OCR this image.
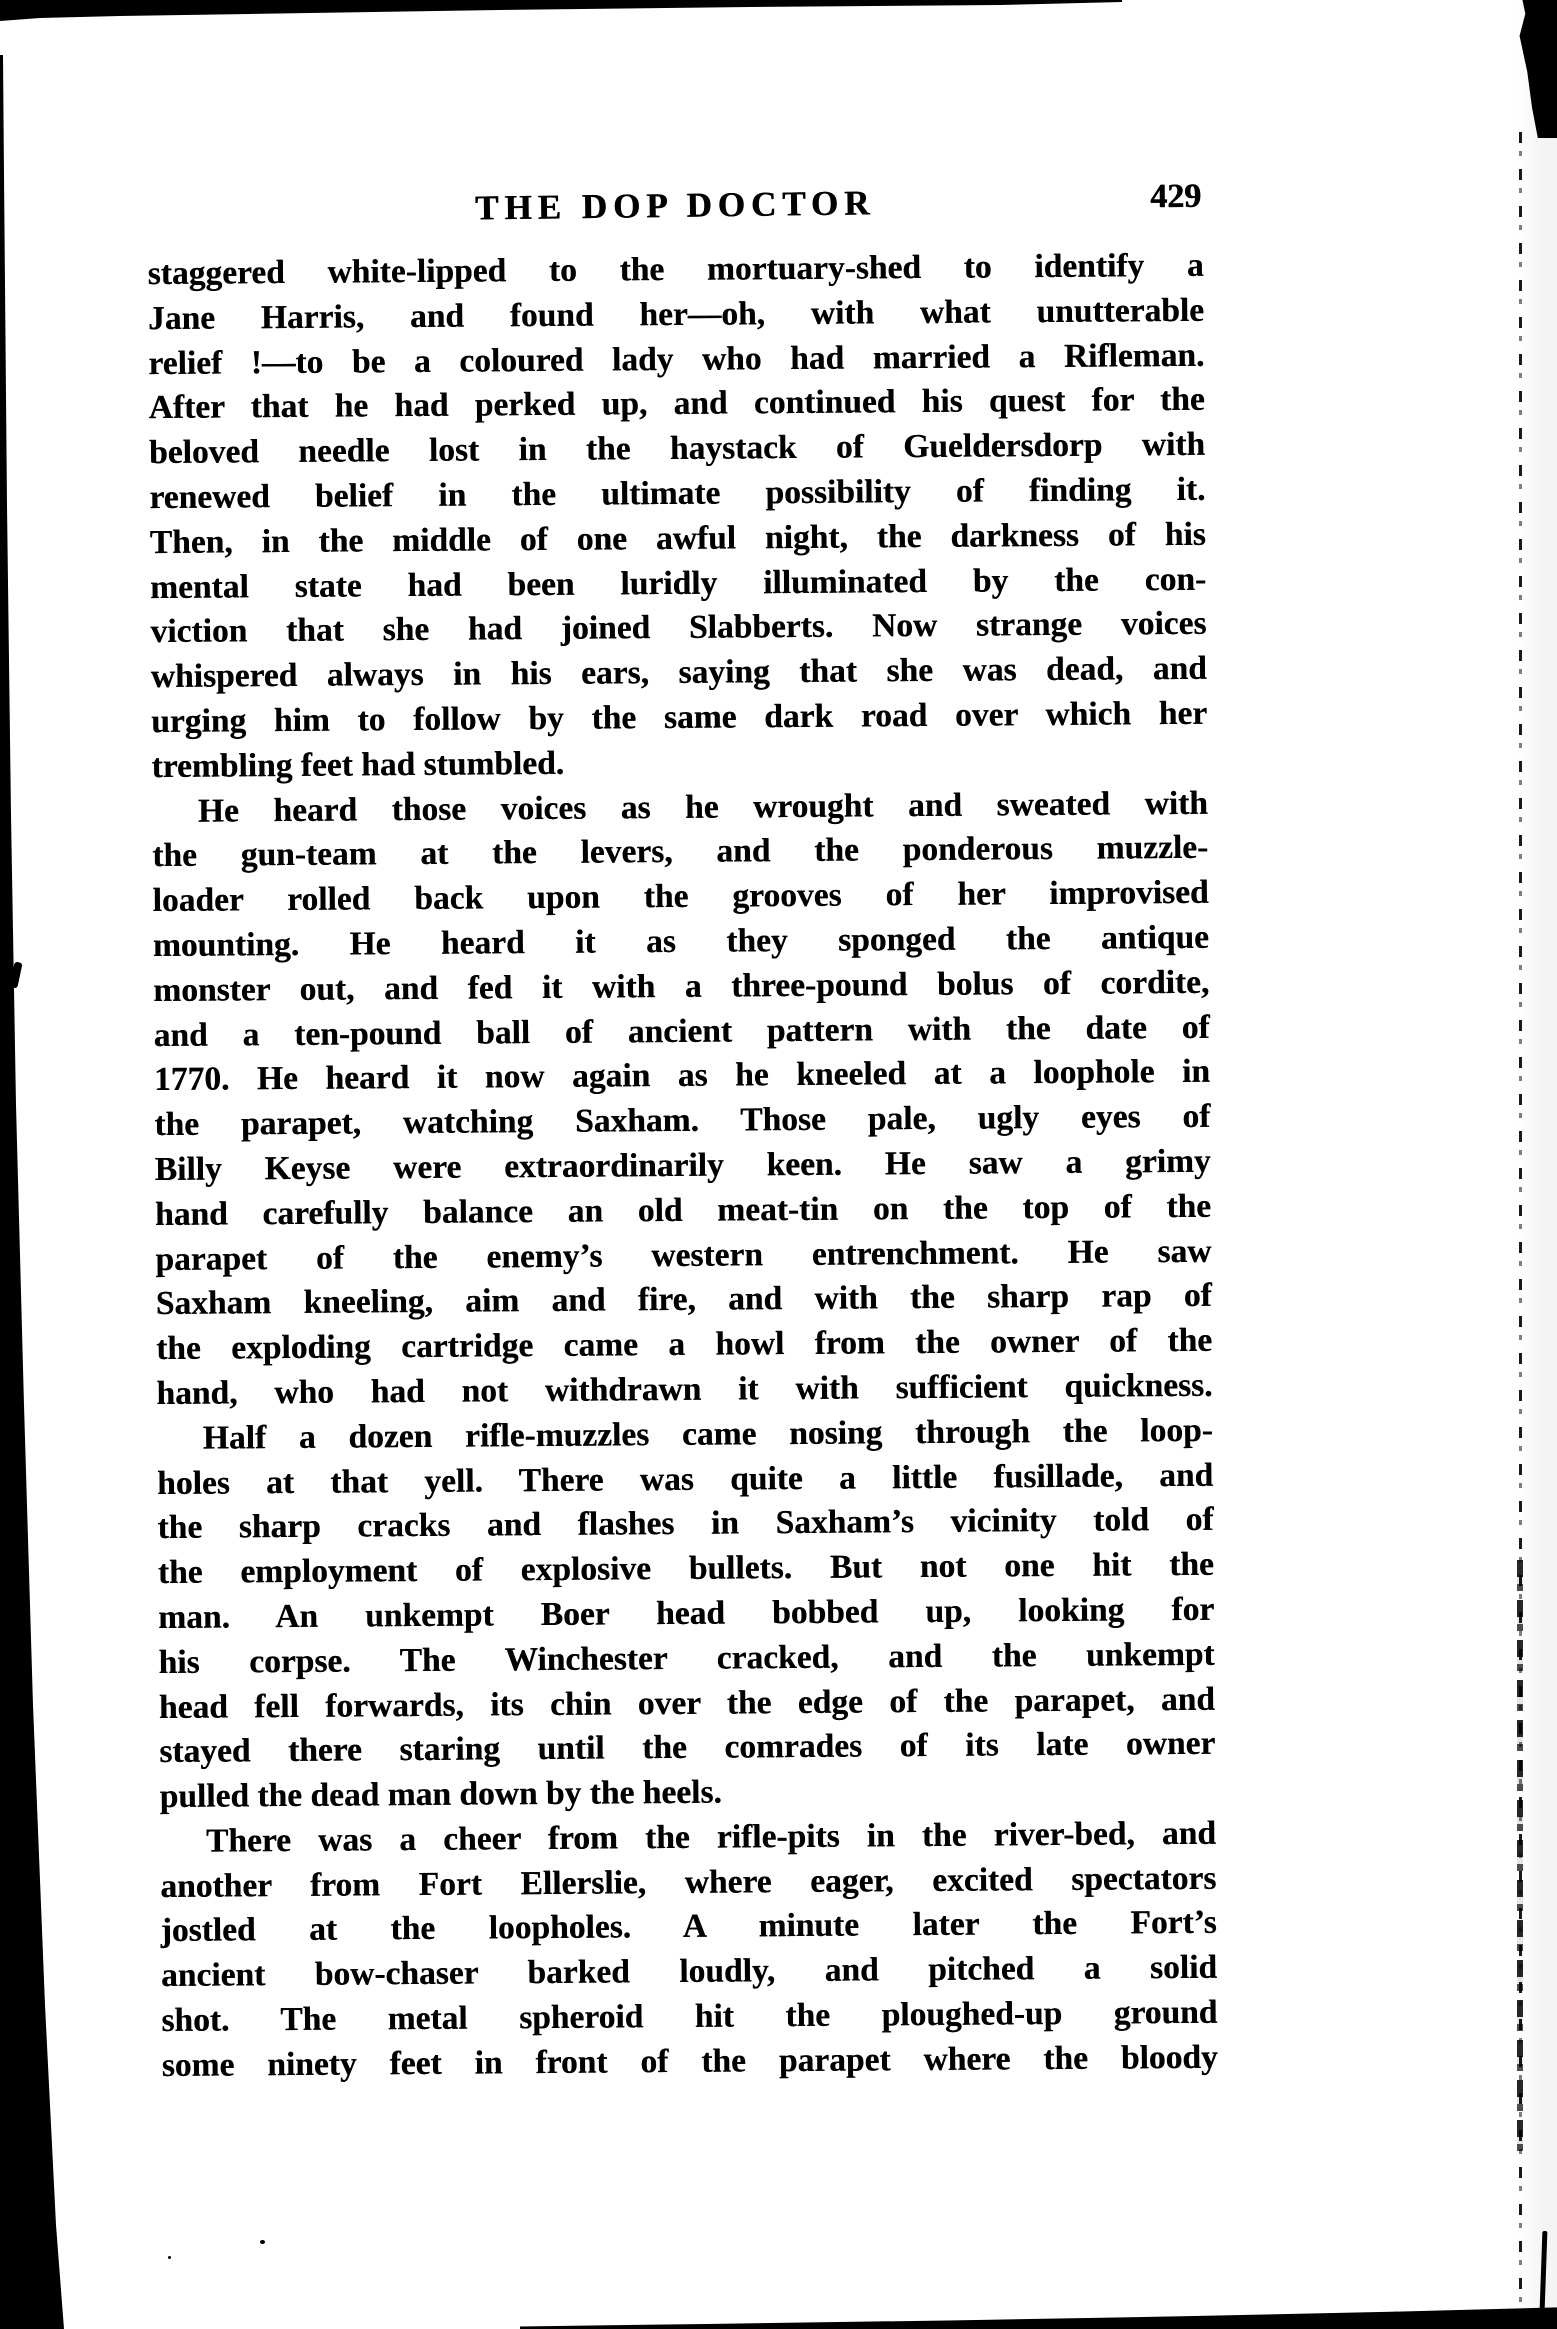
THE DOP DOCTOR	429
staggered white-lipped to the mortuary-shed to identify a
Jane Harris, and found her—oh, with what unutterable
relief !—to be a coloured lady who had married a Rifleman.
After that he had perked up, and continued his quest for the
beloved needle lost in the haystack of Gueldersdorp with
renewed belief in the ultimate possibility of finding it.
Then, in the middle of one awful night, the darkness of his
mental state had been luridly illuminated by the con-
viction that she had joined Slabberts. Now strange voices
whispered always in his ears, saying that she was dead, and
urging him to follow by the same dark road over which her
trembling feet had stumbled.
He heard those voices as he wrought and sweated with
the gun-team at the levers, and the ponderous muzzle-
loader rolled back upon the grooves of her improvised
mounting. He heard it as they sponged the antique
monster out, and fed it with a three-pound bolus of cordite,
and a ten-pound ball of ancient pattern with the date of
1770. He heard it now again as he kneeled at a loophole in
the parapet, watching Saxham. Those pale, ugly eyes of
Billy Keyse were extraordinarily keen. He saw a grimy
hand carefully balance an old meat-tin on the top of the
parapet of the enemy’s western entrenchment. He saw
Saxham kneeling, aim and fire, and with the sharp rap of
the exploding cartridge came a howl from the owner of the
hand, who had not withdrawn it with sufficient quickness.
Half a dozen rifle-muzzles came nosing through the loop-
holes at that yell. There was quite a little fusillade, and
the sharp cracks and flashes in Saxham’s vicinity told of
the employment of explosive bullets. But not one hit the
man. An unkempt Boer head bobbed up, looking for
his corpse. The Winchester cracked, and the unkempt
head fell forwards, its chin over the edge of the parapet, and
stayed there staring until the comrades of its late owner
pulled the dead man down by the heels.
There was a cheer from the rifle-pits in the river-bed, and
another from Fort Ellerslie, where eager, excited spectators
jostled at the loopholes. A minute later the Fort’s
ancient bow-chaser barked loudly, and pitched a solid
shot. The metal spheroid hit the ploughed-up ground
some ninety feet in front of the parapet where the bloody
